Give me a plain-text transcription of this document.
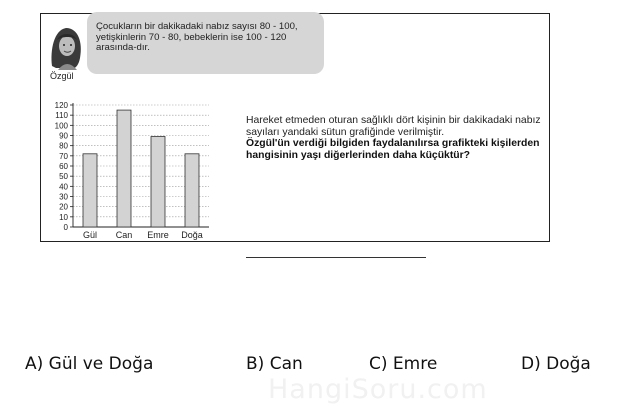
Çocukların bir dakikadaki nabız sayısı 80 - 100, yetişkinlerin 70 - 80, bebeklerin ise 100 - 120 arasında-dır.
Özgül
0
10
20
30
40
50
60
70
80
90
100
110
120
Gül Can Emre Doğa
Hareket etmeden oturan sağlıklı dört kişinin bir dakikadaki nabız sayıları yandaki sütun grafiğinde verilmiştir.
Özgül'ün verdiği bilgiden faydalanılırsa grafikteki kişilerden hangisinin yaşı diğerlerinden daha küçüktür?
A) Gül ve Doğa	B) Can	C) Emre	D) Doğa
HangiSoru.com
